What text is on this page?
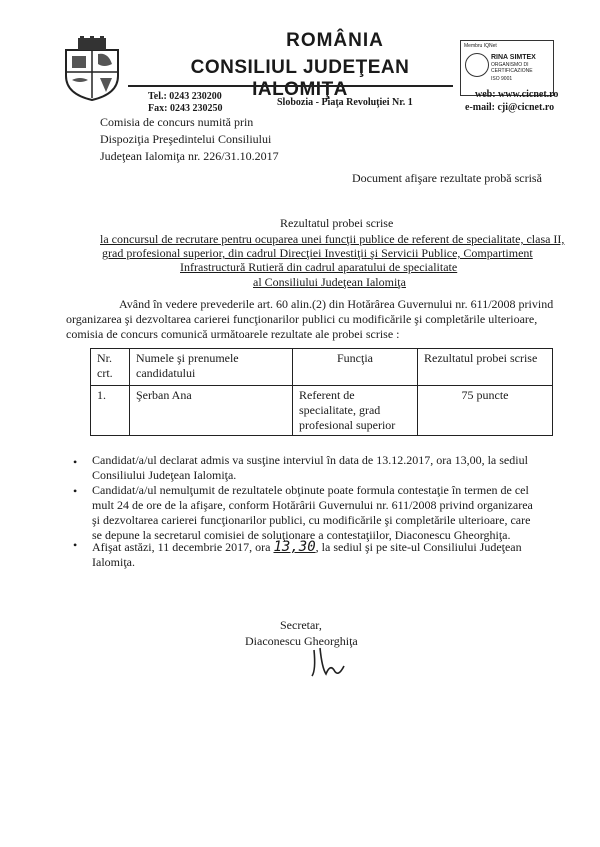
ROMÂNIA
CONSILIUL JUDEŢEAN IALOMIŢA
Membru IQNet
RINA SIMTEX
ORGANISMO DI CERTIFICAZIONE
ISO 9001
Tel.: 0243 230200
Fax: 0243 230250
Slobozia - Piaţa Revoluţiei Nr. 1
web: www.cicnet.ro
e-mail: cji@cicnet.ro
Comisia de concurs numită prin
Dispoziţia Preşedintelui Consiliului
Judeţean Ialomiţa nr. 226/31.10.2017
Document afişare rezultate probă scrisă
Rezultatul probei scrise
la concursul de recrutare pentru ocuparea unei funcţii publice de referent de specialitate, clasa II,
grad profesional superior, din cadrul Direcţiei Investiţii şi Servicii Publice, Compartiment
Infrastructură Rutieră din cadrul aparatului de specialitate
al Consiliului Judeţean Ialomiţa
Având în vedere prevederile art. 60 alin.(2) din Hotărârea Guvernului nr. 611/2008 privind
organizarea şi dezvoltarea carierei funcţionarilor publici cu modificările şi completările ulterioare,
comisia de concurs comunică următoarele rezultate ale probei scrise :
Nr. crt.	Numele şi prenumele candidatului	Funcţia	Rezultatul probei scrise
1.	Şerban Ana	Referent de specialitate, grad profesional superior	75 puncte
• Candidat/a/ul declarat admis va susţine interviul în data de 13.12.2017, ora 13,00, la sediul
Consiliului Judeţean Ialomiţa.
• Candidat/a/ul nemulţumit de rezultatele obţinute poate formula contestaţie în termen de cel
mult 24 de ore de la afişare, conform Hotărârii Guvernului nr. 611/2008 privind organizarea
şi dezvoltarea carierei funcţionarilor publici, cu modificările şi completările ulterioare, care
se depune la secretarul comisiei de soluţionare a contestaţiilor, Diaconescu Gheorghiţa.
• Afişat astăzi, 11 decembrie 2017, ora 13,30, la sediul şi pe site-ul Consiliului Judeţean
Ialomiţa.
Secretar,
Diaconescu Gheorghiţa
